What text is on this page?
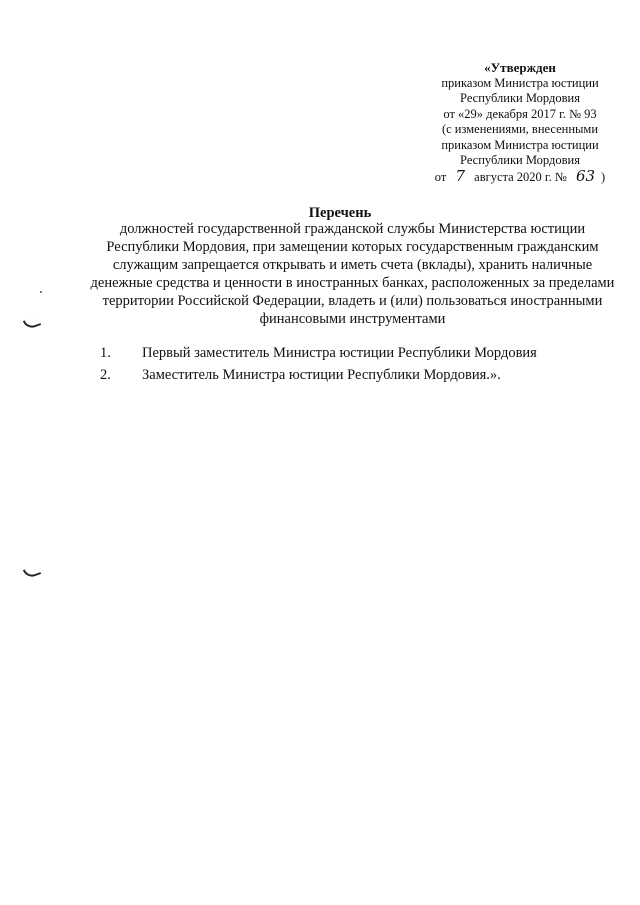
«Утвержден
приказом Министра юстиции
Республики Мордовия
от «29» декабря 2017 г. № 93
(с изменениями, внесенными
приказом Министра юстиции
Республики Мордовия
от 7 августа 2020 г. № 63 )
Перечень
должностей государственной гражданской службы Министерства юстиции
Республики Мордовия, при замещении которых государственным гражданским
служащим запрещается открывать и иметь счета (вклады), хранить наличные
денежные средства и ценности в иностранных банках, расположенных за пределами
территории Российской Федерации, владеть и (или) пользоваться иностранными
финансовыми инструментами
1.	Первый заместитель Министра юстиции Республики Мордовия
2.	Заместитель Министра юстиции Республики Мордовия.».
